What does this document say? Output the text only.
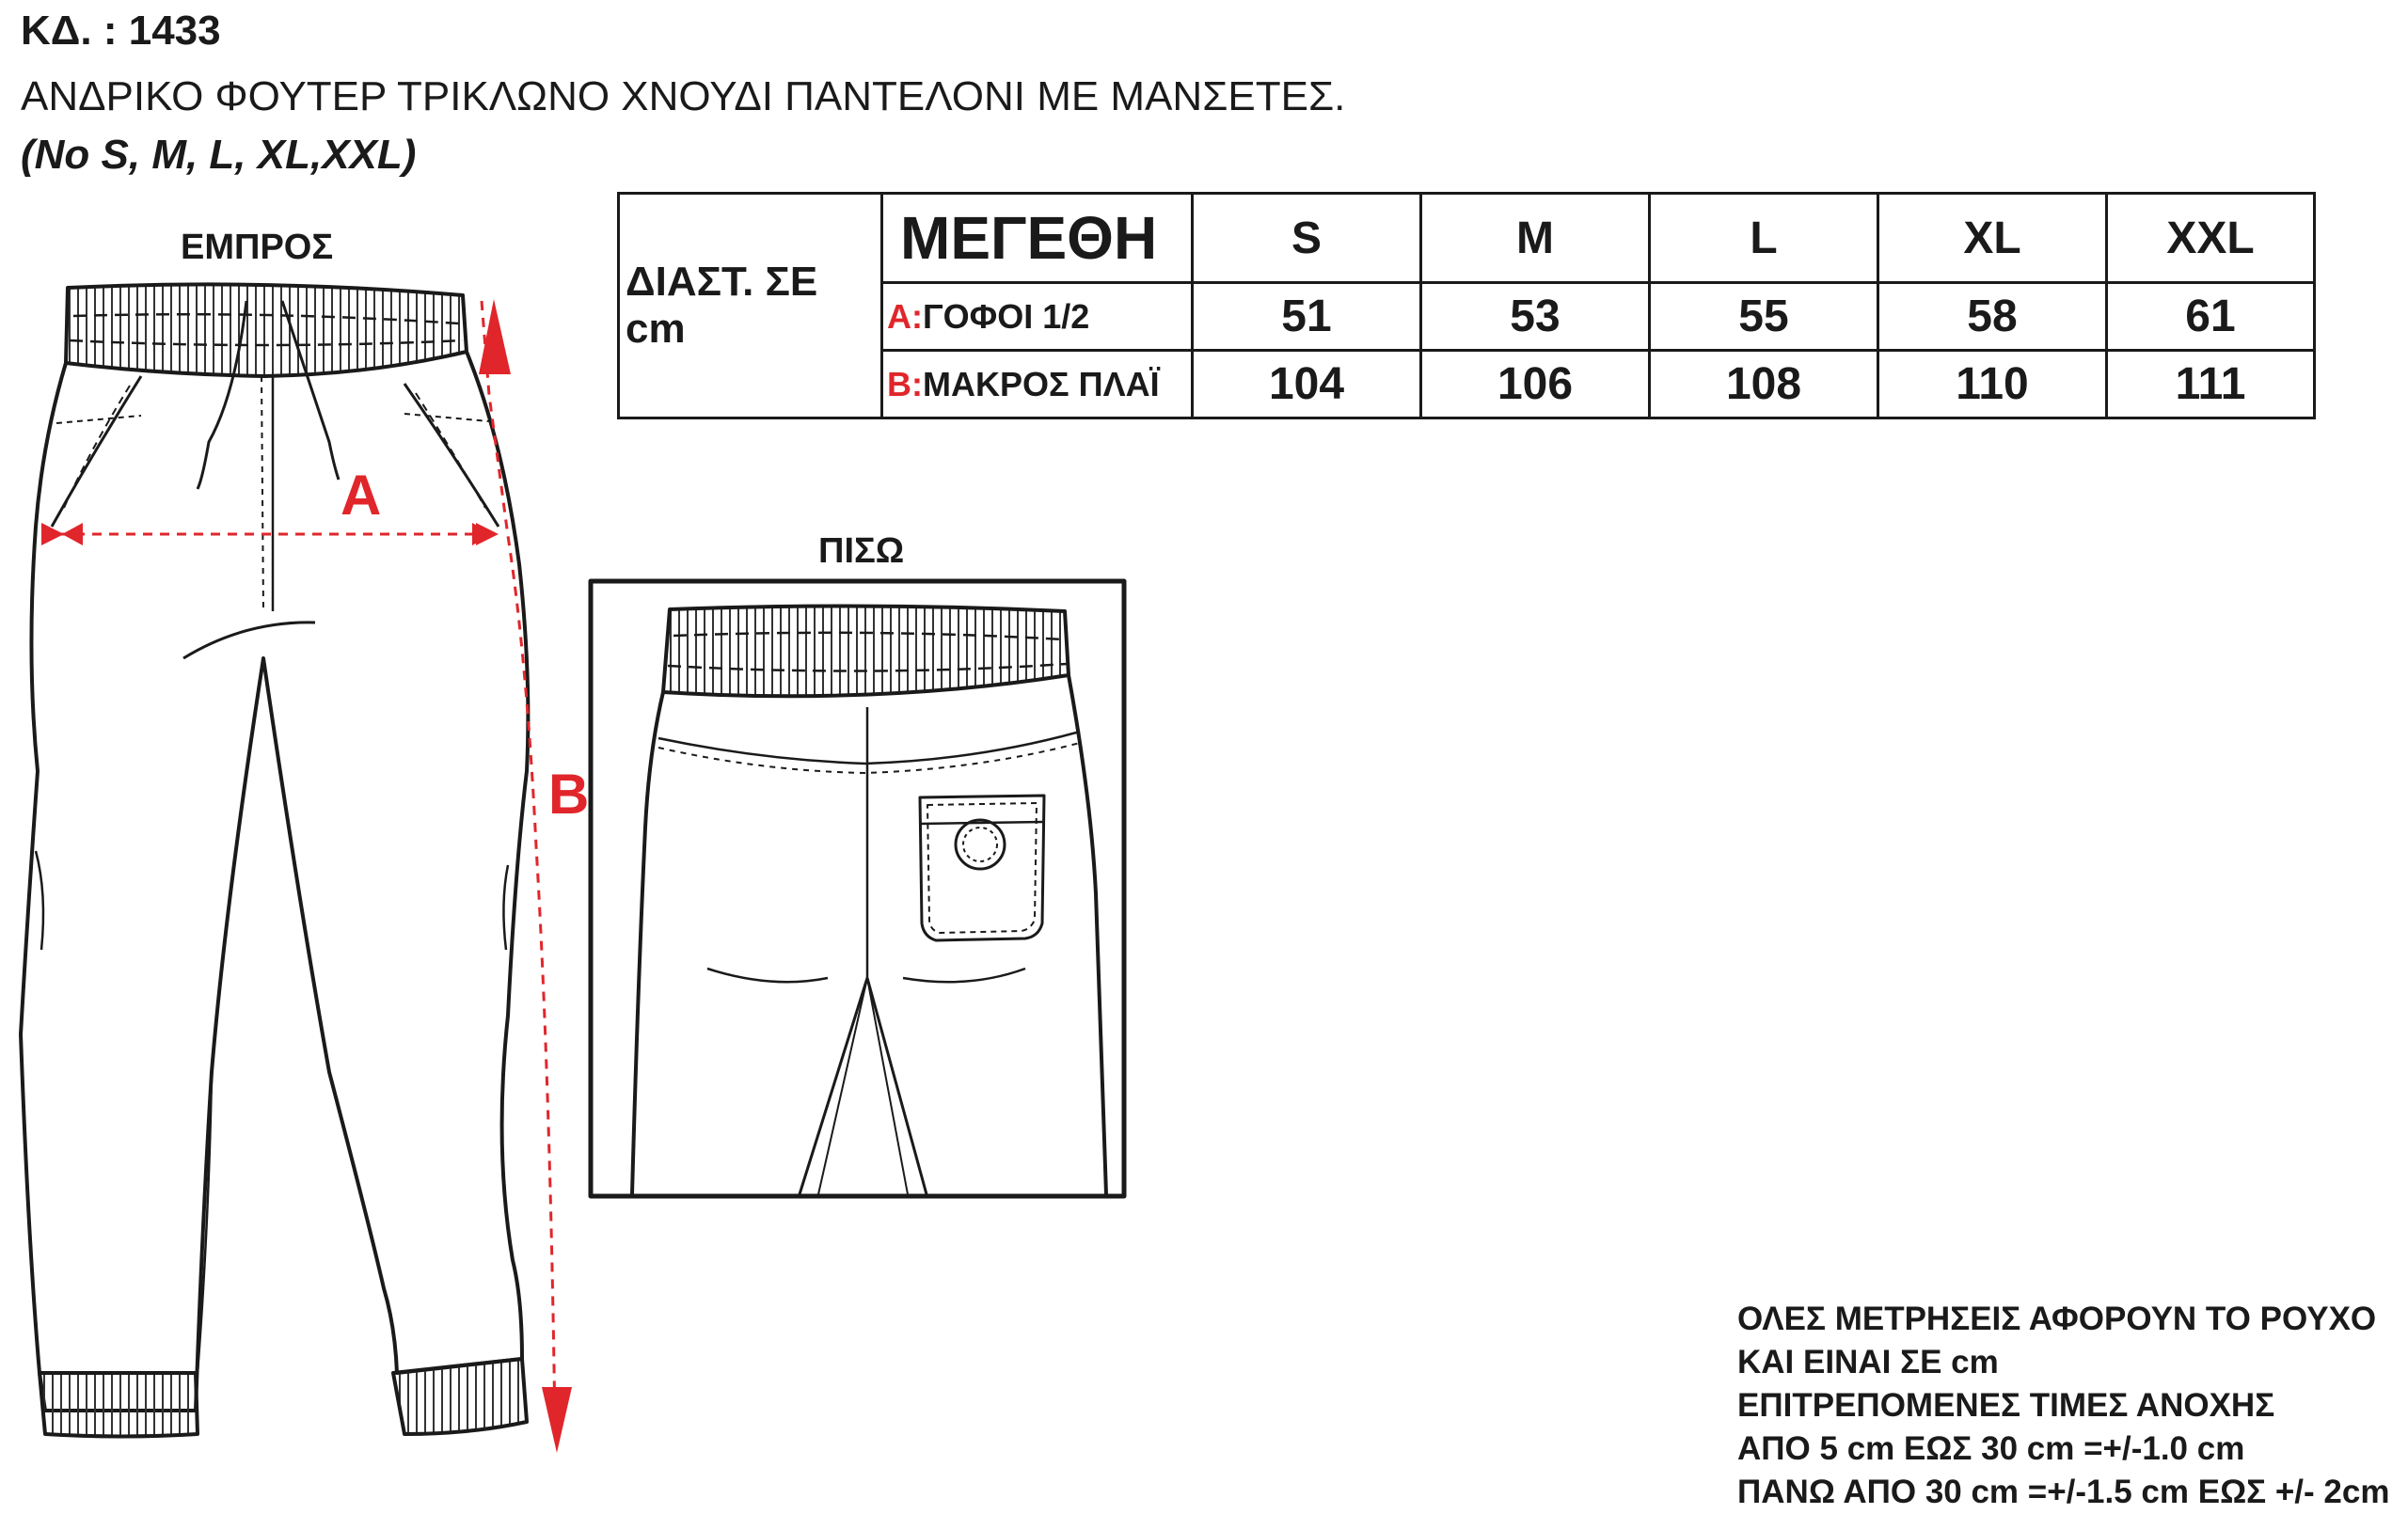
ΚΔ. : 1433
ΑΝΔΡΙΚΟ ΦΟΥΤΕΡ ΤΡΙΚΛΩΝΟ ΧΝΟΥΔΙ ΠΑΝΤΕΛΟΝΙ ΜΕ ΜΑΝΣΕΤΕΣ.
(Νο S, M, L, XL,XXL)
ΕΜΠΡΟΣ
ΠΙΣΩ
ΔΙΑΣΤ. ΣΕ cm	ΜΕΓΕΘΗ	S	M	L	XL	XXL
	A:ΓΟΦΟΙ 1/2	51	53	55	58	61
	B:ΜΑΚΡΟΣ ΠΛΑΪ	104	106	108	110	111
ΟΛΕΣ ΜΕΤΡΗΣΕΙΣ ΑΦΟΡΟΥΝ ΤΟ ΡΟΥΧΟ
ΚΑΙ ΕΙΝΑΙ ΣΕ cm
ΕΠΙΤΡΕΠΟΜΕΝΕΣ ΤΙΜΕΣ ΑΝΟΧΗΣ
ΑΠΟ 5 cm ΕΩΣ 30 cm =+/-1.0 cm
ΠΑΝΩ ΑΠΟ 30 cm =+/-1.5 cm ΕΩΣ +/- 2cm
A
B
